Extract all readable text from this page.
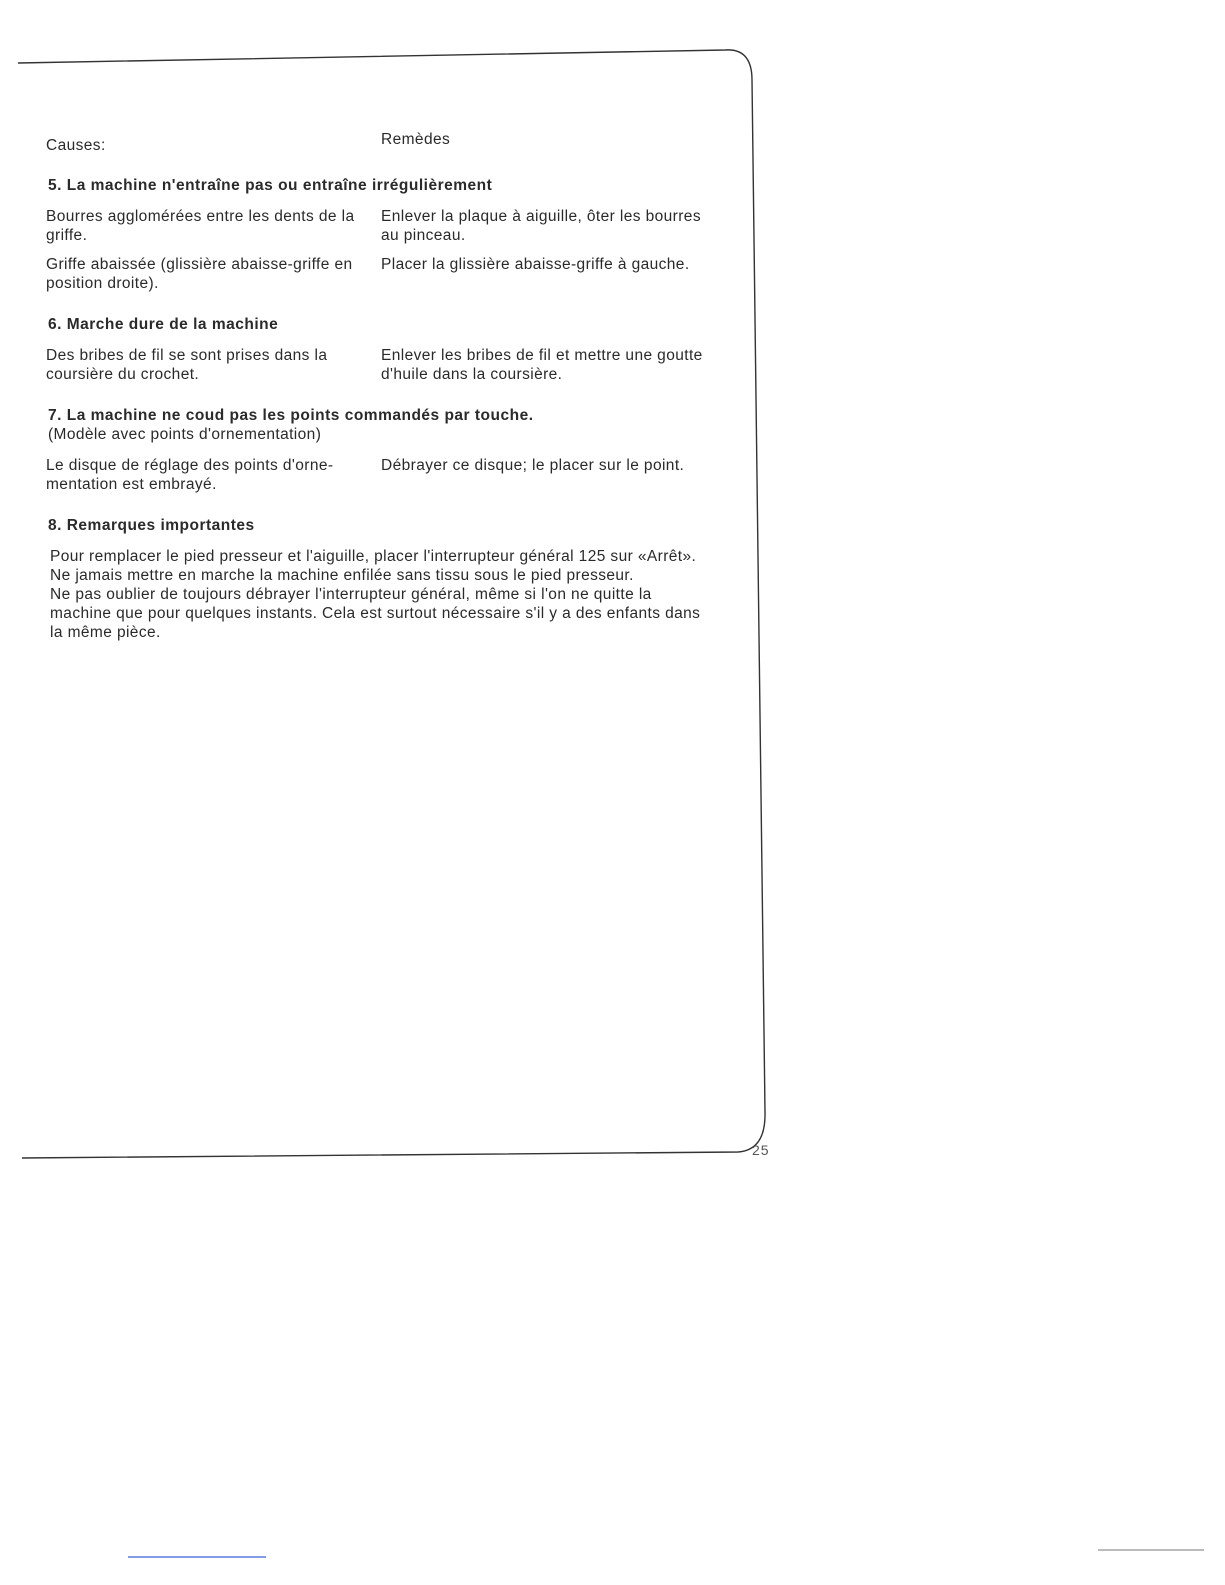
Causes:	Remèdes
5. La machine n'entraîne pas ou entraîne irrégulièrement
Bourres agglomérées entre les dents de la griffe.
Enlever la plaque à aiguille, ôter les bourres au pinceau.
Griffe abaissée (glissière abaisse-griffe en position droite).
Placer la glissière abaisse-griffe à gauche.
6. Marche dure de la machine
Des bribes de fil se sont prises dans la coursière du crochet.
Enlever les bribes de fil et mettre une goutte d'huile dans la coursière.
7. La machine ne coud pas les points commandés par touche.
(Modèle avec points d'ornementation)
Le disque de réglage des points d'orne-mentation est embrayé.
Débrayer ce disque; le placer sur le point.
8. Remarques importantes

Pour remplacer le pied presseur et l'aiguille, placer l'interrupteur général 125 sur «Arrêt».

Ne jamais mettre en marche la machine enfilée sans tissu sous le pied presseur.

Ne pas oublier de toujours débrayer l'interrupteur général, même si l'on ne quitte la machine que pour quelques instants. Cela est surtout nécessaire s'il y a des enfants dans la même pièce.

25
